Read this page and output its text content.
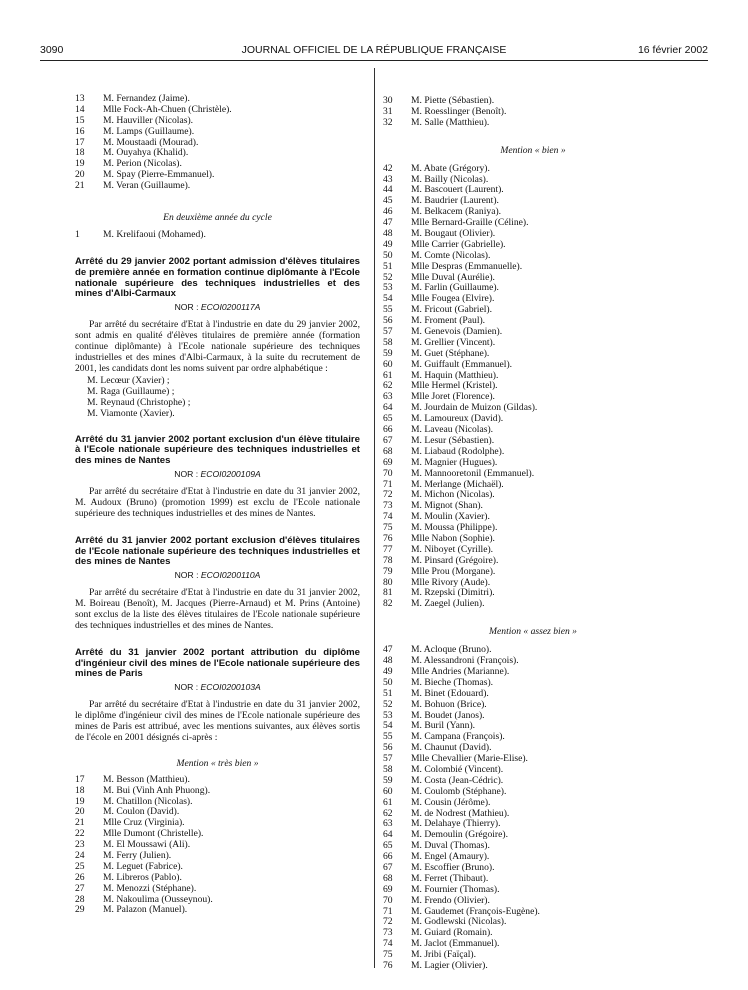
3090	JOURNAL OFFICIEL DE LA RÉPUBLIQUE FRANÇAISE	16 février 2002
13 M. Fernandez (Jaime).
14 Mlle Fock-Ah-Chuen (Christèle).
15 M. Hauviller (Nicolas).
16 M. Lamps (Guillaume).
17 M. Moustaadi (Mourad).
18 M. Ouyahya (Khalid).
19 M. Perion (Nicolas).
20 M. Spay (Pierre-Emmanuel).
21 M. Veran (Guillaume).
En deuxième année du cycle
1 M. Krelifaoui (Mohamed).
Arrêté du 29 janvier 2002 portant admission d'élèves titulaires de première année en formation continue diplômante à l'Ecole nationale supérieure des techniques industrielles et des mines d'Albi-Carmaux
NOR : ECOI0200117A

Par arrêté du secrétaire d'Etat à l'industrie en date du 29 janvier 2002, sont admis en qualité d'élèves titulaires de première année (formation continue diplômante) à l'Ecole nationale supérieure des techniques industrielles et des mines d'Albi-Carmaux, à la suite du recrutement de 2001, les candidats dont les noms suivent par ordre alphabétique :

M. Lecœur (Xavier) ;
M. Raga (Guillaume) ;
M. Reynaud (Christophe) ;
M. Viamonte (Xavier).
Arrêté du 31 janvier 2002 portant exclusion d'un élève titulaire à l'Ecole nationale supérieure des techniques industrielles et des mines de Nantes
NOR : ECOI0200109A

Par arrêté du secrétaire d'Etat à l'industrie en date du 31 janvier 2002, M. Audoux (Bruno) (promotion 1999) est exclu de l'Ecole nationale supérieure des techniques industrielles et des mines de Nantes.

Arrêté du 31 janvier 2002 portant exclusion d'élèves titulaires de l'Ecole nationale supérieure des techniques industrielles et des mines de Nantes
NOR : ECOI0200110A

Par arrêté du secrétaire d'Etat à l'industrie en date du 31 janvier 2002, M. Boireau (Benoît), M. Jacques (Pierre-Arnaud) et M. Prins (Antoine) sont exclus de la liste des élèves titulaires de l'Ecole nationale supérieure des techniques industrielles et des mines de Nantes.

Arrêté du 31 janvier 2002 portant attribution du diplôme d'ingénieur civil des mines de l'Ecole nationale supérieure des mines de Paris
NOR : ECOI0200103A

Par arrêté du secrétaire d'Etat à l'industrie en date du 31 janvier 2002, le diplôme d'ingénieur civil des mines de l'Ecole nationale supérieure des mines de Paris est attribué, avec les mentions suivantes, aux élèves sortis de l'école en 2001 désignés ci-après :

Mention « très bien »
17 M. Besson (Matthieu).
18 M. Bui (Vinh Anh Phuong).
19 M. Chatillon (Nicolas).
20 M. Coulon (David).
21 Mlle Cruz (Virginia).
22 Mlle Dumont (Christelle).
23 M. El Moussawi (Ali).
24 M. Ferry (Julien).
25 M. Leguet (Fabrice).
26 M. Libreros (Pablo).
27 M. Menozzi (Stéphane).
28 M. Nakoulima (Ousseynou).
29 M. Palazon (Manuel).
30 M. Piette (Sébastien).
31 M. Roesslinger (Benoît).
32 M. Salle (Matthieu).
Mention « bien »
42 M. Abate (Grégory).
43 M. Bailly (Nicolas).
44 M. Bascouert (Laurent).
45 M. Baudrier (Laurent).
46 M. Belkacem (Raniya).
47 Mlle Bernard-Graille (Céline).
48 M. Bougaut (Olivier).
49 Mlle Carrier (Gabrielle).
50 M. Comte (Nicolas).
51 Mlle Despras (Emmanuelle).
52 Mlle Duval (Aurélie).
53 M. Farlin (Guillaume).
54 Mlle Fougea (Elvire).
55 M. Fricout (Gabriel).
56 M. Froment (Paul).
57 M. Genevois (Damien).
58 M. Grellier (Vincent).
59 M. Guet (Stéphane).
60 M. Guiffault (Emmanuel).
61 M. Haquin (Matthieu).
62 Mlle Hermel (Kristel).
63 Mlle Joret (Florence).
64 M. Jourdain de Muizon (Gildas).
65 M. Lamoureux (David).
66 M. Laveau (Nicolas).
67 M. Lesur (Sébastien).
68 M. Liabaud (Rodolphe).
69 M. Magnier (Hugues).
70 M. Mannooretonil (Emmanuel).
71 M. Merlange (Michaël).
72 M. Michon (Nicolas).
73 M. Mignot (Shan).
74 M. Moulin (Xavier).
75 M. Moussa (Philippe).
76 Mlle Nabon (Sophie).
77 M. Niboyet (Cyrille).
78 M. Pinsard (Grégoire).
79 Mlle Prou (Morgane).
80 Mlle Rivory (Aude).
81 M. Rzepski (Dimitri).
82 M. Zaegel (Julien).
Mention « assez bien »
47 M. Acloque (Bruno).
48 M. Alessandroni (François).
49 Mlle Andries (Marianne).
50 M. Bieche (Thomas).
51 M. Binet (Edouard).
52 M. Bohuon (Brice).
53 M. Boudet (Janos).
54 M. Buril (Yann).
55 M. Campana (François).
56 M. Chaunut (David).
57 Mlle Chevallier (Marie-Elise).
58 M. Colombié (Vincent).
59 M. Costa (Jean-Cédric).
60 M. Coulomb (Stéphane).
61 M. Cousin (Jérôme).
62 M. de Nodrest (Mathieu).
63 M. Delahaye (Thierry).
64 M. Demoulin (Grégoire).
65 M. Duval (Thomas).
66 M. Engel (Amaury).
67 M. Escoffier (Bruno).
68 M. Ferret (Thibaut).
69 M. Fournier (Thomas).
70 M. Frendo (Olivier).
71 M. Gaudemet (François-Eugène).
72 M. Godlewski (Nicolas).
73 M. Guiard (Romain).
74 M. Jaclot (Emmanuel).
75 M. Jribi (Faïçal).
76 M. Lagier (Olivier).
